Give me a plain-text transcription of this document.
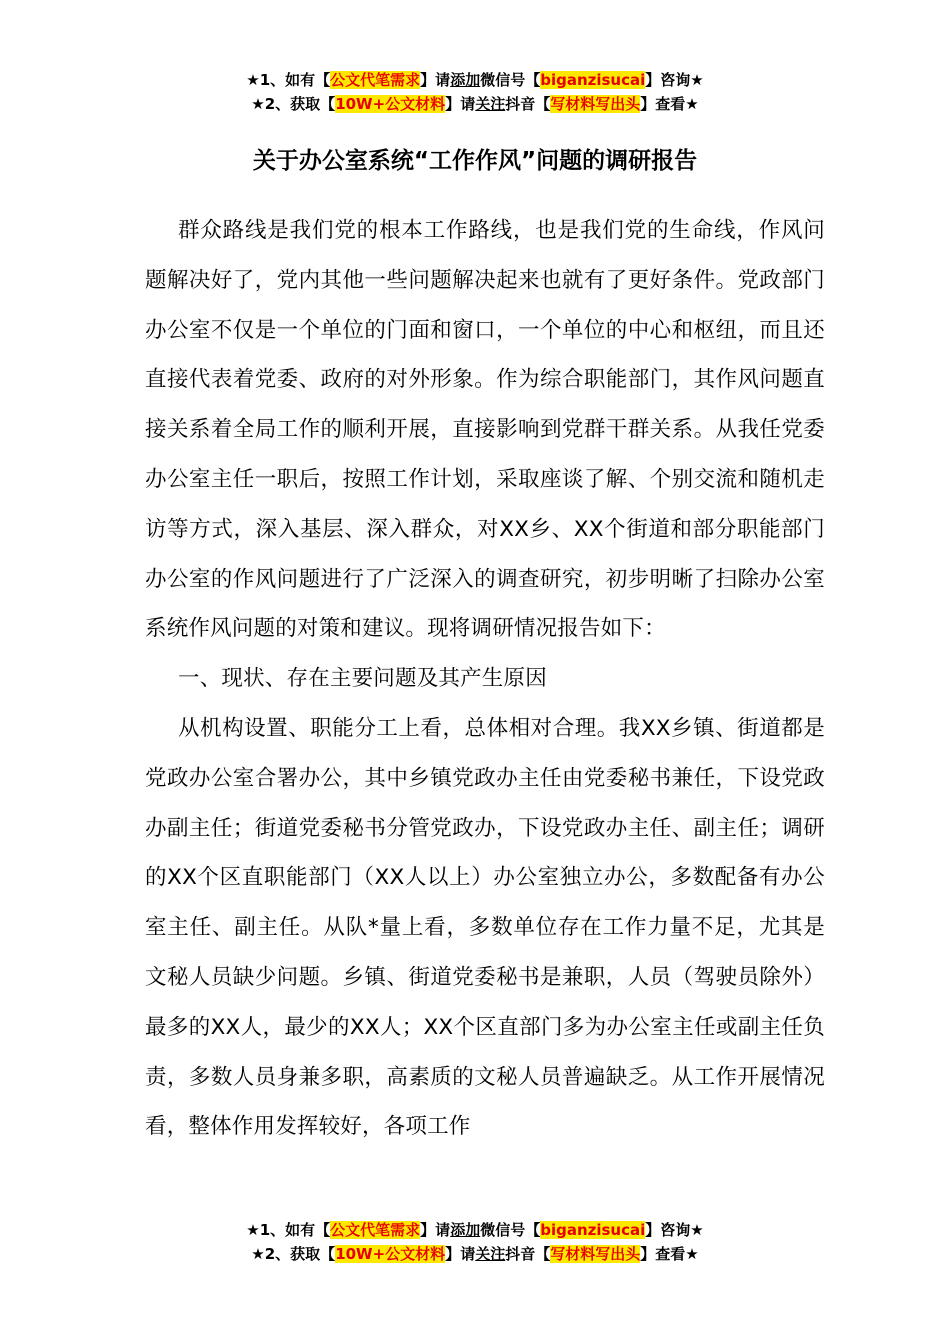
★1、如有【公文代笔需求】请添加微信号【biganzisucai】咨询★
★2、获取【10W+公文材料】请关注抖音【写材料写出头】查看★
关于办公室系统“工作作风”问题的调研报告

群众路线是我们党的根本工作路线，也是我们党的生命线，作风问题解决好了，党内其他一些问题解决起来也就有了更好条件。党政部门办公室不仅是一个单位的门面和窗口，一个单位的中心和枢纽，而且还直接代表着党委、政府的对外形象。作为综合职能部门，其作风问题直接关系着全局工作的顺利开展，直接影响到党群干群关系。从我任党委办公室主任一职后，按照工作计划，采取座谈了解、个别交流和随机走访等方式，深入基层、深入群众，对XX乡、XX个街道和部分职能部门办公室的作风问题进行了广泛深入的调查研究，初步明晰了扫除办公室系统作风问题的对策和建议。现将调研情况报告如下：

一、现状、存在主要问题及其产生原因

从机构设置、职能分工上看，总体相对合理。我XX乡镇、街道都是党政办公室合署办公，其中乡镇党政办主任由党委秘书兼任，下设党政办副主任；街道党委秘书分管党政办，下设党政办主任、副主任；调研的XX个区直职能部门（XX人以上）办公室独立办公，多数配备有办公室主任、副主任。从队*量上看，多数单位存在工作力量不足，尤其是文秘人员缺少问题。乡镇、街道党委秘书是兼职，人员（驾驶员除外）最多的XX人，最少的XX人；XX个区直部门多为办公室主任或副主任负责，多数人员身兼多职，高素质的文秘人员普遍缺乏。从工作开展情况看，整体作用发挥较好，各项工作

★1、如有【公文代笔需求】请添加微信号【biganzisucai】咨询★
★2、获取【10W+公文材料】请关注抖音【写材料写出头】查看★
